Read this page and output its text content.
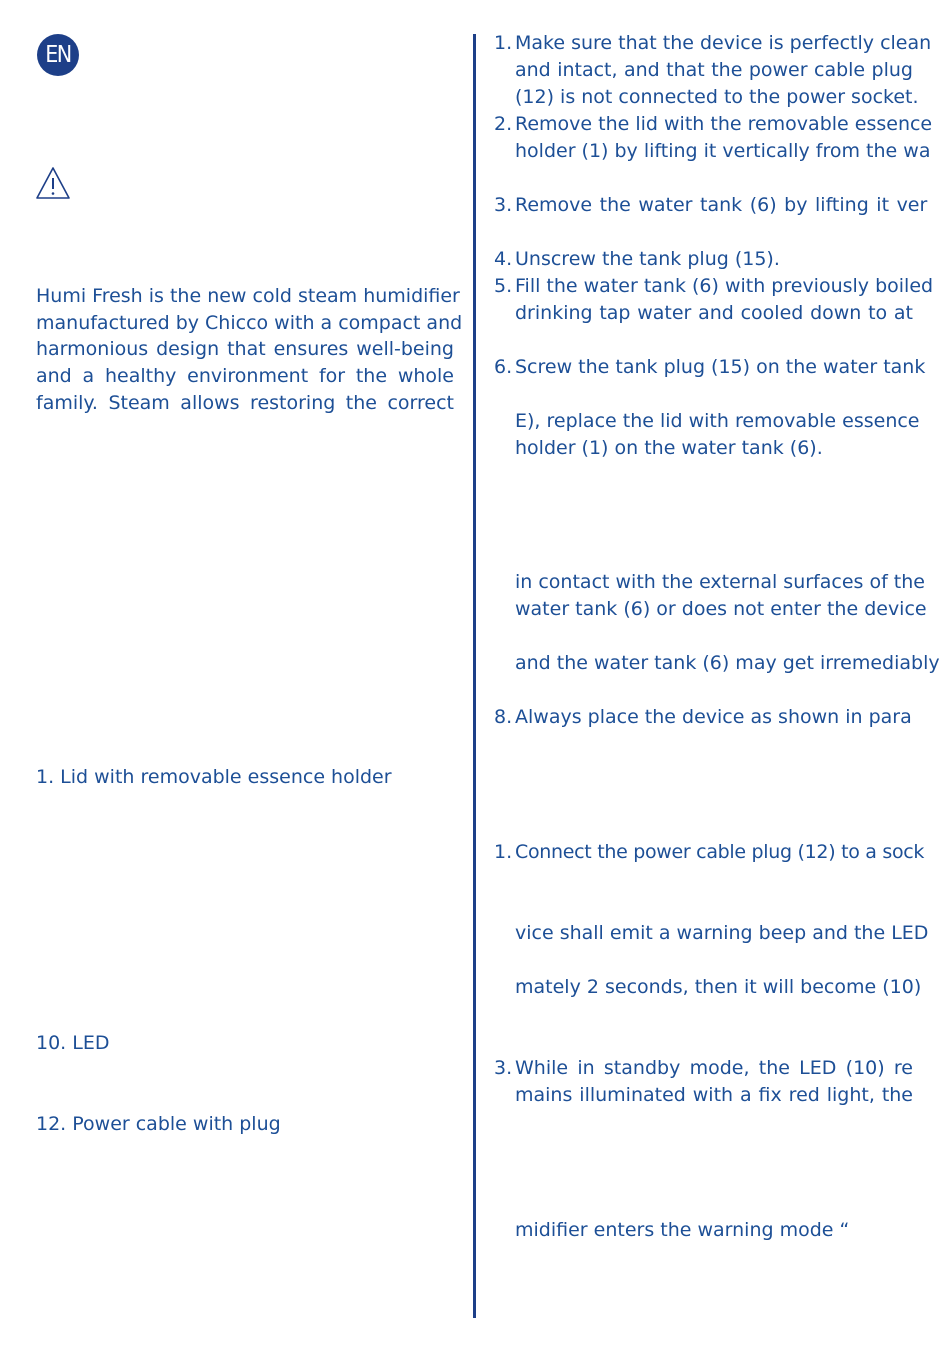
EN
Humi Fresh is the new cold steam humidifier
manufactured by Chicco with a compact and
harmonious design that ensures well-being
and a healthy environment for the whole
family. Steam allows restoring the correct
1. Lid with removable essence holder
10. LED
12. Power cable with plug
1. Make sure that the device is perfectly clean
and intact, and that the power cable plug
(12) is not connected to the power socket.
2. Remove the lid with the removable essence
holder (1) by lifting it vertically from the wa
3. Remove the water tank (6) by lifting it ver
4. Unscrew the tank plug (15).
5. Fill the water tank (6) with previously boiled
drinking tap water and cooled down to at
6. Screw the tank plug (15) on the water tank
E), replace the lid with removable essence
holder (1) on the water tank (6).
in contact with the external surfaces of the
water tank (6) or does not enter the device
and the water tank (6) may get irremediably
8. Always place the device as shown in para
1. Connect the power cable plug (12) to a sock
vice shall emit a warning beep and the LED
mately 2 seconds, then it will become (10)
3. While in standby mode, the LED (10) re
mains illuminated with a fix red light, the
midifier enters the warning mode “
